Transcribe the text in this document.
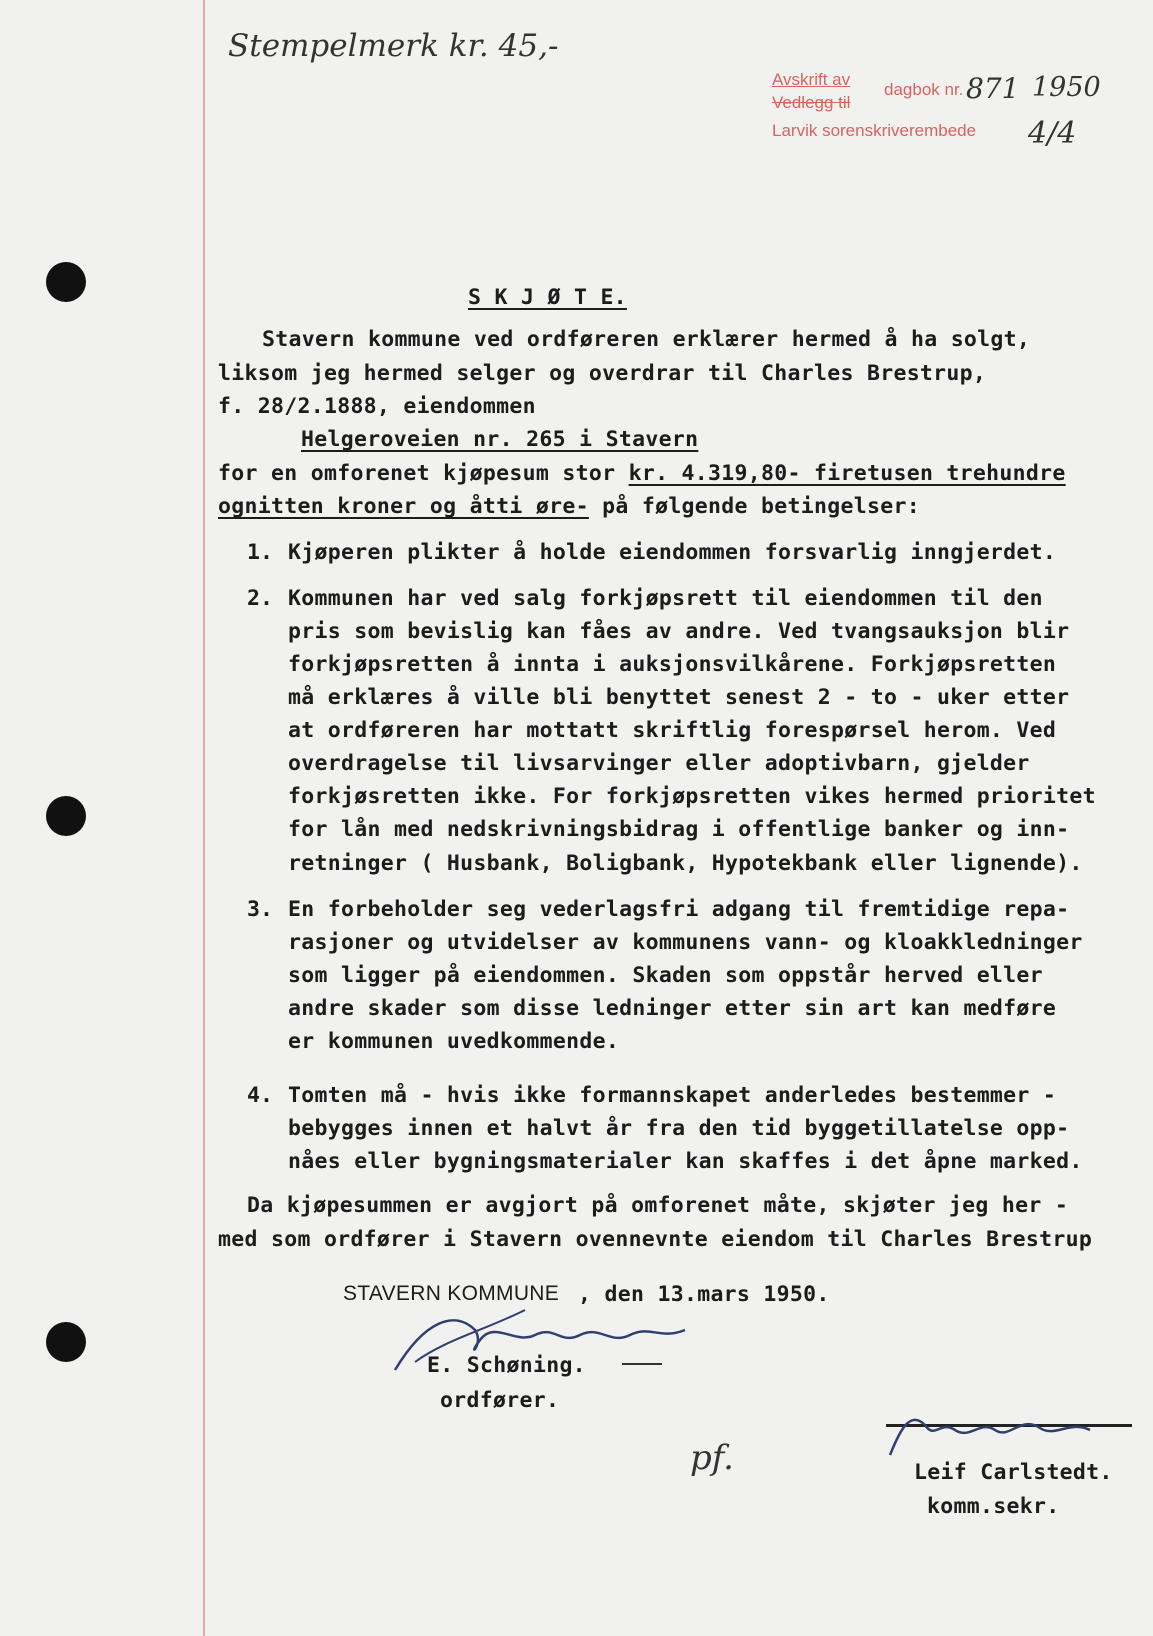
Stempelmerk kr. 45,-
Avskrift av
dagbok nr.
Vedlegg til
Larvik sorenskriverembede
871 1950
4/4
S K J Ø T E.
Stavern kommune ved ordføreren erklærer hermed å ha solgt,
liksom jeg hermed selger og overdrar til Charles Brestrup,
f. 28/2.1888, eiendommen
Helgeroveien nr. 265 i Stavern
for en omforenet kjøpesum stor kr. 4.319,80- firetusen trehundre
ognitten kroner og åtti øre- på følgende betingelser:
1. Kjøperen plikter å holde eiendommen forsvarlig inngjerdet.
2. Kommunen har ved salg forkjøpsrett til eiendommen til den
pris som bevislig kan fåes av andre. Ved tvangsauksjon blir
forkjøpsretten å innta i auksjonsvilkårene. Forkjøpsretten
må erklæres å ville bli benyttet senest 2 - to - uker etter
at ordføreren har mottatt skriftlig forespørsel herom. Ved
overdragelse til livsarvinger eller adoptivbarn, gjelder
forkjøsretten ikke. For forkjøpsretten vikes hermed prioritet
for lån med nedskrivningsbidrag i offentlige banker og inn-
retninger ( Husbank, Boligbank, Hypotekbank eller lignende).
3. En forbeholder seg vederlagsfri adgang til fremtidige repa-
rasjoner og utvidelser av kommunens vann- og kloakkledninger
som ligger på eiendommen. Skaden som oppstår herved eller
andre skader som disse ledninger etter sin art kan medføre
er kommunen uvedkommende.
4. Tomten må - hvis ikke formannskapet anderledes bestemmer -
bebygges innen et halvt år fra den tid byggetillatelse opp-
nåes eller bygningsmaterialer kan skaffes i det åpne marked.
Da kjøpesummen er avgjort på omforenet måte, skjøter jeg her -
med som ordfører i Stavern ovennevnte eiendom til Charles Brestrup
STAVERN KOMMUNE , den 13.mars 1950.
E. Schøning.
ordfører.
pf.	Leif Carlstedt.
komm.sekr.
